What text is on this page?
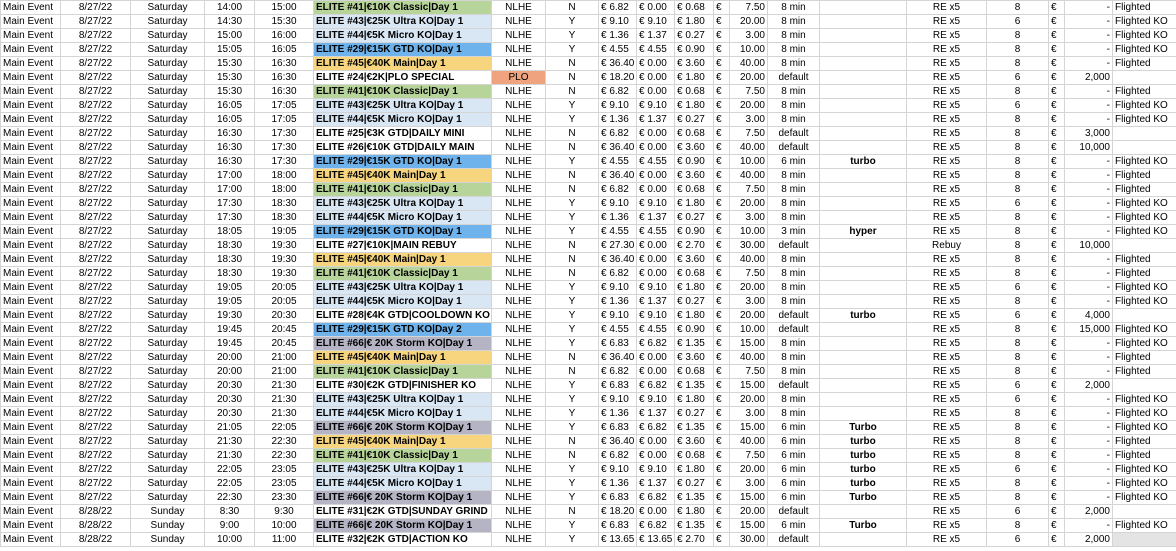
Main Event	8/27/22	Saturday	14:00	15:00	ELITE #41|€10K Classic|Day 1	NLHE	N	€ 6.82	€ 0.00	€ 0.68	€	7.50	8 min		RE x5	8	€	-	Flighted
Main Event	8/27/22	Saturday	14:30	15:30	ELITE #43|€25K Ultra KO|Day 1	NLHE	Y	€ 9.10	€ 9.10	€ 1.80	€	20.00	8 min		RE x5	6	€	-	Flighted KO
Main Event	8/27/22	Saturday	15:00	16:00	ELITE #44|€5K Micro KO|Day 1	NLHE	Y	€ 1.36	€ 1.37	€ 0.27	€	3.00	8 min		RE x5	8	€	-	Flighted KO
Main Event	8/27/22	Saturday	15:05	16:05	ELITE #29|€15K GTD KO|Day 1	NLHE	Y	€ 4.55	€ 4.55	€ 0.90	€	10.00	8 min		RE x5	8	€	-	Flighted KO
Main Event	8/27/22	Saturday	15:30	16:30	ELITE #45|€40K Main|Day 1	NLHE	N	€ 36.40	€ 0.00	€ 3.60	€	40.00	8 min		RE x5	8	€	-	Flighted
Main Event	8/27/22	Saturday	15:30	16:30	ELITE #24|€2K|PLO SPECIAL	PLO	N	€ 18.20	€ 0.00	€ 1.80	€	20.00	default		RE x5	6	€	2,000	
Main Event	8/27/22	Saturday	15:30	16:30	ELITE #41|€10K Classic|Day 1	NLHE	N	€ 6.82	€ 0.00	€ 0.68	€	7.50	8 min		RE x5	8	€	-	Flighted
Main Event	8/27/22	Saturday	16:05	17:05	ELITE #43|€25K Ultra KO|Day 1	NLHE	Y	€ 9.10	€ 9.10	€ 1.80	€	20.00	8 min		RE x5	6	€	-	Flighted KO
Main Event	8/27/22	Saturday	16:05	17:05	ELITE #44|€5K Micro KO|Day 1	NLHE	Y	€ 1.36	€ 1.37	€ 0.27	€	3.00	8 min		RE x5	8	€	-	Flighted KO
Main Event	8/27/22	Saturday	16:30	17:30	ELITE #25|€3K GTD|DAILY MINI	NLHE	N	€ 6.82	€ 0.00	€ 0.68	€	7.50	default		RE x5	8	€	3,000	
Main Event	8/27/22	Saturday	16:30	17:30	ELITE #26|€10K GTD|DAILY MAIN	NLHE	N	€ 36.40	€ 0.00	€ 3.60	€	40.00	default		RE x5	8	€	10,000	
Main Event	8/27/22	Saturday	16:30	17:30	ELITE #29|€15K GTD KO|Day 1	NLHE	Y	€ 4.55	€ 4.55	€ 0.90	€	10.00	6 min	turbo	RE x5	8	€	-	Flighted KO
Main Event	8/27/22	Saturday	17:00	18:00	ELITE #45|€40K Main|Day 1	NLHE	N	€ 36.40	€ 0.00	€ 3.60	€	40.00	8 min		RE x5	8	€	-	Flighted
Main Event	8/27/22	Saturday	17:00	18:00	ELITE #41|€10K Classic|Day 1	NLHE	N	€ 6.82	€ 0.00	€ 0.68	€	7.50	8 min		RE x5	8	€	-	Flighted
Main Event	8/27/22	Saturday	17:30	18:30	ELITE #43|€25K Ultra KO|Day 1	NLHE	Y	€ 9.10	€ 9.10	€ 1.80	€	20.00	8 min		RE x5	6	€	-	Flighted KO
Main Event	8/27/22	Saturday	17:30	18:30	ELITE #44|€5K Micro KO|Day 1	NLHE	Y	€ 1.36	€ 1.37	€ 0.27	€	3.00	8 min		RE x5	8	€	-	Flighted KO
Main Event	8/27/22	Saturday	18:05	19:05	ELITE #29|€15K GTD KO|Day 1	NLHE	Y	€ 4.55	€ 4.55	€ 0.90	€	10.00	3 min	hyper	RE x5	8	€	-	Flighted KO
Main Event	8/27/22	Saturday	18:30	19:30	ELITE #27|€10K|MAIN REBUY	NLHE	N	€ 27.30	€ 0.00	€ 2.70	€	30.00	default		Rebuy	8	€	10,000	
Main Event	8/27/22	Saturday	18:30	19:30	ELITE #45|€40K Main|Day 1	NLHE	N	€ 36.40	€ 0.00	€ 3.60	€	40.00	8 min		RE x5	8	€	-	Flighted
Main Event	8/27/22	Saturday	18:30	19:30	ELITE #41|€10K Classic|Day 1	NLHE	N	€ 6.82	€ 0.00	€ 0.68	€	7.50	8 min		RE x5	8	€	-	Flighted
Main Event	8/27/22	Saturday	19:05	20:05	ELITE #43|€25K Ultra KO|Day 1	NLHE	Y	€ 9.10	€ 9.10	€ 1.80	€	20.00	8 min		RE x5	6	€	-	Flighted KO
Main Event	8/27/22	Saturday	19:05	20:05	ELITE #44|€5K Micro KO|Day 1	NLHE	Y	€ 1.36	€ 1.37	€ 0.27	€	3.00	8 min		RE x5	8	€	-	Flighted KO
Main Event	8/27/22	Saturday	19:30	20:30	ELITE #28|€4K GTD|COOLDOWN KO	NLHE	Y	€ 9.10	€ 9.10	€ 1.80	€	20.00	default	turbo	RE x5	6	€	4,000	
Main Event	8/27/22	Saturday	19:45	20:45	ELITE #29|€15K GTD KO|Day 2	NLHE	Y	€ 4.55	€ 4.55	€ 0.90	€	10.00	default		RE x5	8	€	15,000	Flighted KO
Main Event	8/27/22	Saturday	19:45	20:45	ELITE #66|€ 20K Storm KO|Day 1	NLHE	Y	€ 6.83	€ 6.82	€ 1.35	€	15.00	8 min		RE x5	8	€	-	Flighted KO
Main Event	8/27/22	Saturday	20:00	21:00	ELITE #45|€40K Main|Day 1	NLHE	N	€ 36.40	€ 0.00	€ 3.60	€	40.00	8 min		RE x5	8	€	-	Flighted
Main Event	8/27/22	Saturday	20:00	21:00	ELITE #41|€10K Classic|Day 1	NLHE	N	€ 6.82	€ 0.00	€ 0.68	€	7.50	8 min		RE x5	8	€	-	Flighted
Main Event	8/27/22	Saturday	20:30	21:30	ELITE #30|€2K GTD|FINISHER KO	NLHE	Y	€ 6.83	€ 6.82	€ 1.35	€	15.00	default		RE x5	6	€	2,000	
Main Event	8/27/22	Saturday	20:30	21:30	ELITE #43|€25K Ultra KO|Day 1	NLHE	Y	€ 9.10	€ 9.10	€ 1.80	€	20.00	8 min		RE x5	6	€	-	Flighted KO
Main Event	8/27/22	Saturday	20:30	21:30	ELITE #44|€5K Micro KO|Day 1	NLHE	Y	€ 1.36	€ 1.37	€ 0.27	€	3.00	8 min		RE x5	8	€	-	Flighted KO
Main Event	8/27/22	Saturday	21:05	22:05	ELITE #66|€ 20K Storm KO|Day 1	NLHE	Y	€ 6.83	€ 6.82	€ 1.35	€	15.00	6 min	Turbo	RE x5	8	€	-	Flighted KO
Main Event	8/27/22	Saturday	21:30	22:30	ELITE #45|€40K Main|Day 1	NLHE	N	€ 36.40	€ 0.00	€ 3.60	€	40.00	6 min	turbo	RE x5	8	€	-	Flighted
Main Event	8/27/22	Saturday	21:30	22:30	ELITE #41|€10K Classic|Day 1	NLHE	N	€ 6.82	€ 0.00	€ 0.68	€	7.50	6 min	turbo	RE x5	8	€	-	Flighted
Main Event	8/27/22	Saturday	22:05	23:05	ELITE #43|€25K Ultra KO|Day 1	NLHE	Y	€ 9.10	€ 9.10	€ 1.80	€	20.00	6 min	turbo	RE x5	6	€	-	Flighted KO
Main Event	8/27/22	Saturday	22:05	23:05	ELITE #44|€5K Micro KO|Day 1	NLHE	Y	€ 1.36	€ 1.37	€ 0.27	€	3.00	6 min	turbo	RE x5	8	€	-	Flighted KO
Main Event	8/27/22	Saturday	22:30	23:30	ELITE #66|€ 20K Storm KO|Day 1	NLHE	Y	€ 6.83	€ 6.82	€ 1.35	€	15.00	6 min	Turbo	RE x5	8	€	-	Flighted KO
Main Event	8/28/22	Sunday	8:30	9:30	ELITE #31|€2K GTD|SUNDAY GRIND	NLHE	N	€ 18.20	€ 0.00	€ 1.80	€	20.00	default		RE x5	6	€	2,000	
Main Event	8/28/22	Sunday	9:00	10:00	ELITE #66|€ 20K Storm KO|Day 1	NLHE	Y	€ 6.83	€ 6.82	€ 1.35	€	15.00	6 min	Turbo	RE x5	8	€	-	Flighted KO
Main Event	8/28/22	Sunday	10:00	11:00	ELITE #32|€2K GTD|ACTION KO	NLHE	Y	€ 13.65	€ 13.65	€ 2.70	€	30.00	default		RE x5	6	€	2,000	
